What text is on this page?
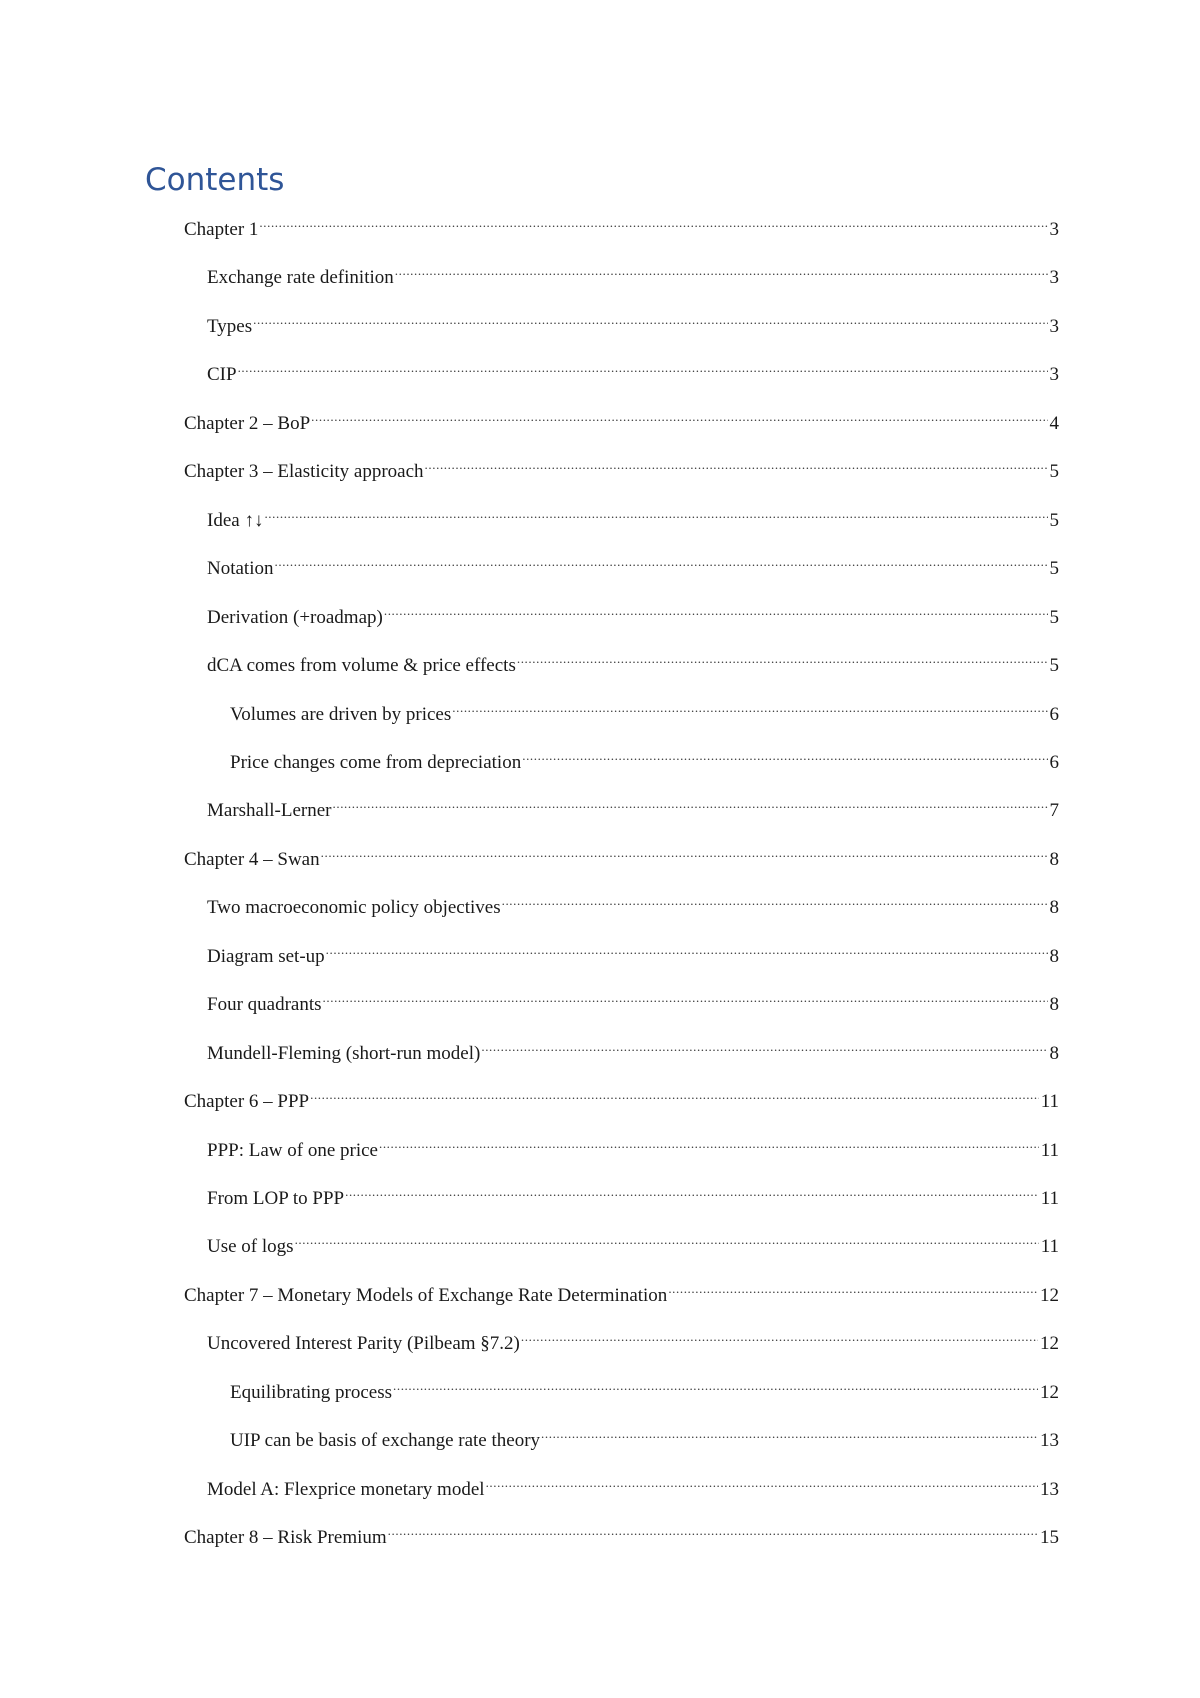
Contents
Chapter 1 .....	3
Exchange rate definition .....	3
Types .....	3
CIP .....	3
Chapter 2 – BoP .....	4
Chapter 3 – Elasticity approach .....	5
Idea ↑↓ .....	5
Notation .....	5
Derivation (+roadmap) .....	5
dCA comes from volume & price effects .....	5
Volumes are driven by prices .....	6
Price changes come from depreciation .....	6
Marshall-Lerner .....	7
Chapter 4 – Swan .....	8
Two macroeconomic policy objectives .....	8
Diagram set-up .....	8
Four quadrants .....	8
Mundell-Fleming (short-run model) .....	8
Chapter 6 – PPP .....	11
PPP: Law of one price .....	11
From LOP to PPP .....	11
Use of logs .....	11
Chapter 7 – Monetary Models of Exchange Rate Determination .....	12
Uncovered Interest Parity (Pilbeam §7.2) .....	12
Equilibrating process .....	12
UIP can be basis of exchange rate theory .....	13
Model A: Flexprice monetary model .....	13
Chapter 8 – Risk Premium .....	15
